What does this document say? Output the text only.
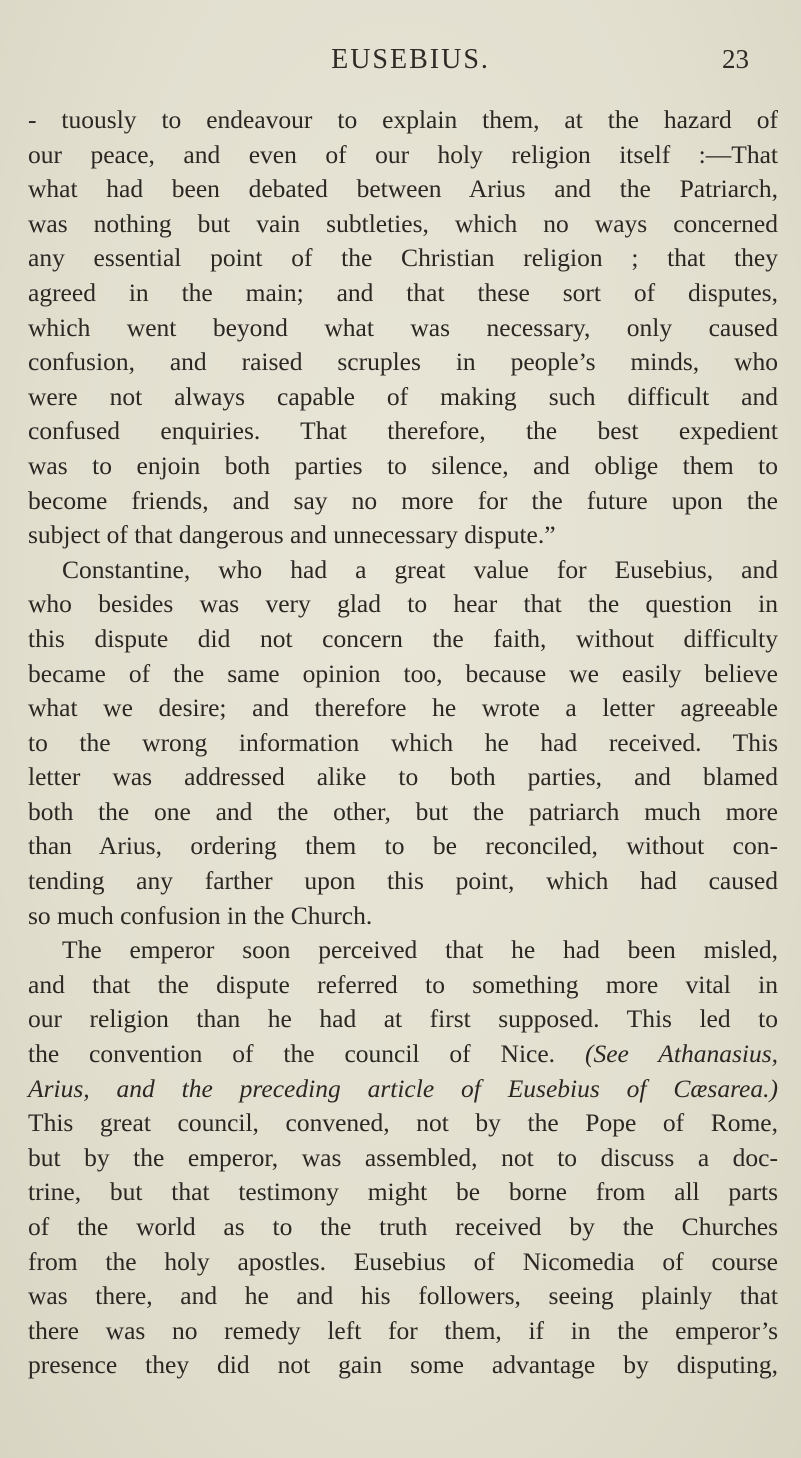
EUSEBIUS.	23
- tuously to endeavour to explain them, at the hazard of
our peace, and even of our holy religion itself :—That
what had been debated between Arius and the Patriarch,
was nothing but vain subtleties, which no ways concerned
any essential point of the Christian religion ; that they
agreed in the main; and that these sort of disputes,
which went beyond what was necessary, only caused
confusion, and raised scruples in people’s minds, who
were not always capable of making such difficult and
confused enquiries. That therefore, the best expedient
was to enjoin both parties to silence, and oblige them to
become friends, and say no more for the future upon the
subject of that dangerous and unnecessary dispute.”
Constantine, who had a great value for Eusebius, and
who besides was very glad to hear that the question in
this dispute did not concern the faith, without difficulty
became of the same opinion too, because we easily believe
what we desire; and therefore he wrote a letter agreeable
to the wrong information which he had received. This
letter was addressed alike to both parties, and blamed
both the one and the other, but the patriarch much more
than Arius, ordering them to be reconciled, without con-
tending any farther upon this point, which had caused
so much confusion in the Church.
The emperor soon perceived that he had been misled,
and that the dispute referred to something more vital in
our religion than he had at first supposed. This led to
the convention of the council of Nice. (See Athanasius,
Arius, and the preceding article of Eusebius of Cæsarea.)
This great council, convened, not by the Pope of Rome,
but by the emperor, was assembled, not to discuss a doc-
trine, but that testimony might be borne from all parts
of the world as to the truth received by the Churches
from the holy apostles. Eusebius of Nicomedia of course
was there, and he and his followers, seeing plainly that
there was no remedy left for them, if in the emperor’s
presence they did not gain some advantage by disputing,
